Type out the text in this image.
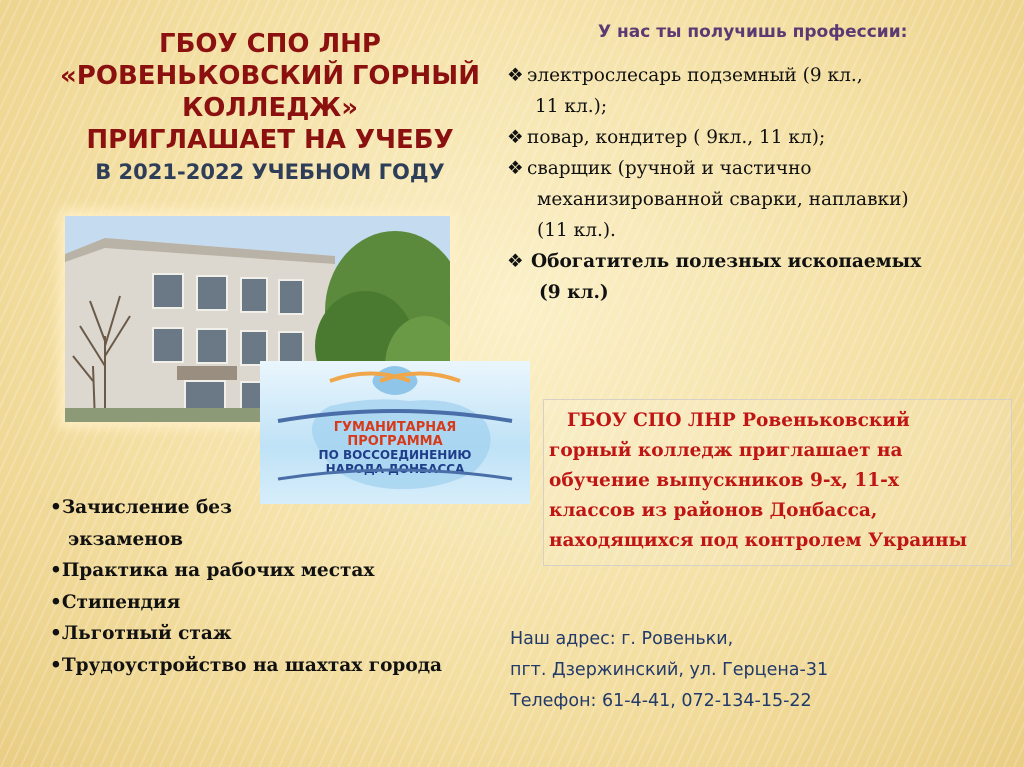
ГБОУ СПО ЛНР
«РОВЕНЬКОВСКИЙ ГОРНЫЙ
КОЛЛЕДЖ»
ПРИГЛАШАЕТ НА УЧЕБУ
В 2021-2022 УЧЕБНОМ ГОДУ
У нас ты получишь профессии:
❖ электрослесарь подземный (9 кл.,
11 кл.);
❖ повар, кондитер ( 9кл., 11 кл);
❖ сварщик (ручной и частично
механизированной сварки, наплавки)
(11 кл.).
❖ Обогатитель полезных ископаемых
(9 кл.)
ГУМАНИТАРНАЯ
ПРОГРАММА
ПО ВОССОЕДИНЕНИЮ
НАРОДА ДОНБАССА
•Зачисление без
экзаменов
•Практика на рабочих местах
•Стипендия
•Льготный стаж
•Трудоустройство на шахтах города
ГБОУ СПО ЛНР Ровеньковский
горный колледж приглашает на
обучение выпускников 9-х, 11-х
классов из районов Донбасса,
находящихся под контролем Украины
Наш адрес: г. Ровеньки,
пгт. Дзержинский, ул. Герцена-31
Телефон: 61-4-41, 072-134-15-22
